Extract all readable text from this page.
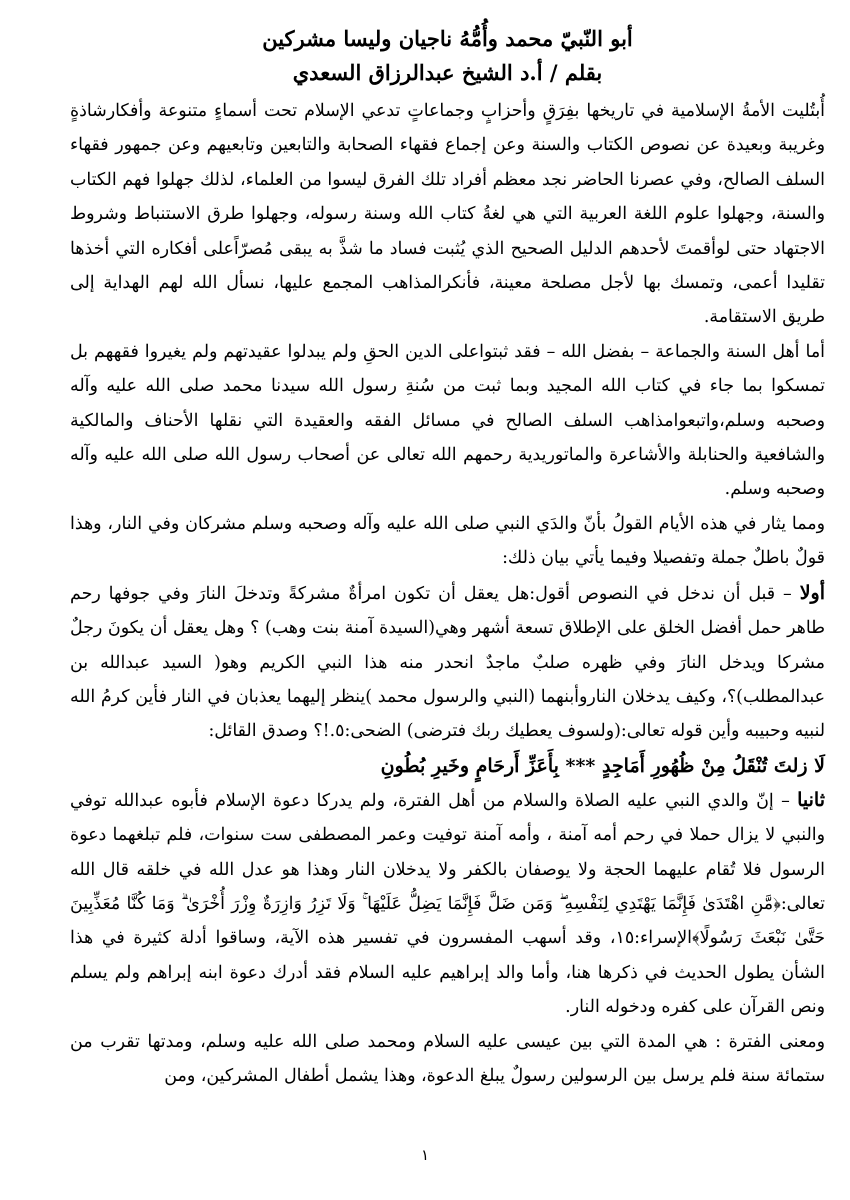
أبو النّبيّ محمد وأُمُّهُ ناجيان وليسا مشركين
بقلم / أ.د الشيخ عبدالرزاق السعدي

أُبتُليت الأمةُ الإسلامية في تاريخها بفِرَقٍ وأحزابٍ وجماعاتٍ تدعي الإسلام تحت أسماءٍ متنوعة وأفكارشاذةٍ وغريبة وبعيدة عن نصوص الكتاب والسنة وعن إجماع فقهاء الصحابة والتابعين وتابعيهم وعن جمهور فقهاء السلف الصالح، وفي عصرنا الحاضر نجد معظم أفراد تلك الفرق ليسوا من العلماء، لذلك جهلوا فهم الكتاب والسنة، وجهلوا علوم اللغة العربية التي هي لغةُ كتاب الله وسنة رسوله، وجهلوا طرق الاستنباط وشروط الاجتهاد حتى لوأقمتَ لأحدهم الدليل الصحيح الذي يُثبت فساد ما شذَّ به يبقى مُصرّاًعلى أفكاره التي أخذها تقليدا أعمى، وتمسك بها لأجل مصلحة معينة، فأنكرالمذاهب المجمع عليها، نسأل الله لهم الهداية إلى طريق الاستقامة.

أما أهل السنة والجماعة – بفضل الله – فقد ثبتواعلى الدين الحقِ ولم يبدلوا عقيدتهم ولم يغيروا فقههم بل تمسكوا بما جاء في كتاب الله المجيد وبما ثبت من سُنةِ رسول الله سيدنا محمد صلى الله عليه وآله وصحبه وسلم،واتبعوامذاهب السلف الصالح في مسائل الفقه والعقيدة التي نقلها الأحناف والمالكية والشافعية والحنابلة والأشاعرة والماتوريدية رحمهم الله تعالى عن أصحاب رسول الله صلى الله عليه وآله وصحبه وسلم.

ومما يثار في هذه الأيام القولُ بأنّ والدَي النبي صلى الله عليه وآله وصحبه وسلم مشركان وفي النار، وهذا قولٌ باطلٌ جملة وتفصيلا وفيما يأتي بيان ذلك:

أولا – قبل أن ندخل في النصوص أقول:هل يعقل أن تكون امرأةٌ مشركةً وتدخلَ النارَ وفي جوفها رحم طاهر حمل أفضل الخلق على الإطلاق تسعة أشهر وهي(السيدة آمنة بنت وهب) ؟ وهل يعقل أن يكونَ رجلٌ مشركا ويدخل النارَ وفي ظهره صلبٌ ماجدٌ انحدر منه هذا النبي الكريم وهو( السيد عبدالله بن عبدالمطلب)؟، وكيف يدخلان الناروأبنهما (النبي والرسول محمد )ينظر إليهما يعذبان في النار فأين كرمُ الله لنبيه وحبيبه وأين قوله تعالى:(ولسوف يعطيك ربك فترضى) الضحى:٥.!؟ وصدق القائل:

لَا زلتَ تُنْقَلُ مِنْ ظُهُورِ أَمَاجِدٍ *** بِأَعَزِّ أَرحَامٍ وخَيرِ بُطُونِ

ثانيا – إنّ والدي النبي عليه الصلاة والسلام من أهل الفترة، ولم يدركا دعوة الإسلام فأبوه عبدالله توفي والنبي لا يزال حملا في رحم أمه آمنة ، وأمه آمنة توفيت وعمر المصطفى ست سنوات، فلم تبلغهما دعوة الرسول فلا تُقام عليهما الحجة ولا يوصفان بالكفر ولا يدخلان النار وهذا هو عدل الله في خلقه قال الله تعالى:﴿مَّنِ اهْتَدَىٰ فَإِنَّمَا يَهْتَدِي لِنَفْسِهِ ۖ وَمَن ضَلَّ فَإِنَّمَا يَضِلُّ عَلَيْهَا ۚ وَلَا تَزِرُ وَازِرَةٌ وِزْرَ أُخْرَىٰ ۗ وَمَا كُنَّا مُعَذِّبِينَ حَتَّىٰ نَبْعَثَ رَسُولًا﴾الإسراء:١٥، وقد أسهب المفسرون في تفسير هذه الآية، وساقوا أدلة كثيرة في هذا الشأن يطول الحديث في ذكرها هنا، وأما والد إبراهيم عليه السلام فقد أدرك دعوة ابنه إبراهم ولم يسلم ونص القرآن على كفره ودخوله النار.

ومعنى الفترة : هي المدة التي بين عيسى عليه السلام ومحمد صلى الله عليه وسلم، ومدتها تقرب من ستمائة سنة فلم يرسل بين الرسولين رسولٌ يبلغ الدعوة، وهذا يشمل أطفال المشركين، ومن

١
